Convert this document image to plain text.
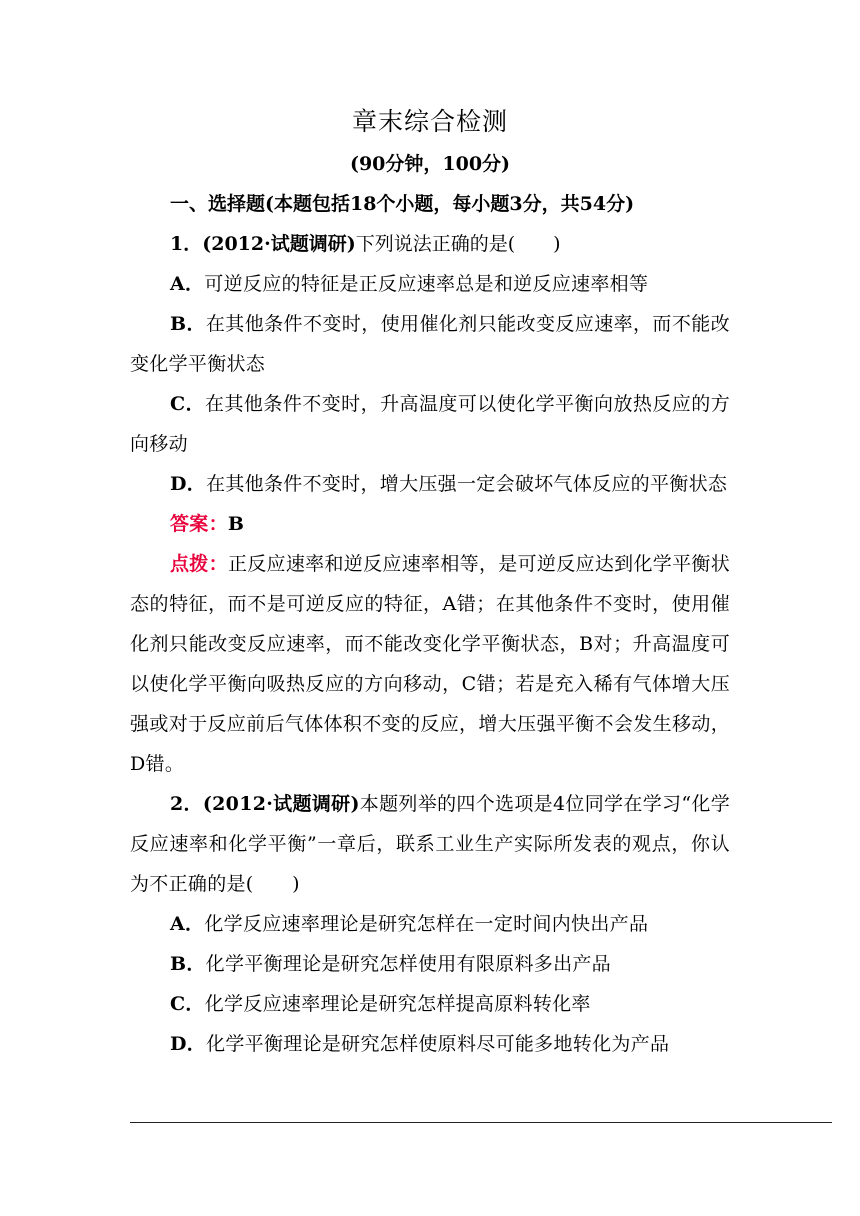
章末综合检测
(90分钟，100分)
一、选择题(本题包括18个小题，每小题3分，共54分)
1．(2012·试题调研)下列说法正确的是(　　)
A．可逆反应的特征是正反应速率总是和逆反应速率相等
B．在其他条件不变时，使用催化剂只能改变反应速率，而不能改变化学平衡状态
C．在其他条件不变时，升高温度可以使化学平衡向放热反应的方向移动
D．在其他条件不变时，增大压强一定会破坏气体反应的平衡状态
答案：B
点拨：正反应速率和逆反应速率相等，是可逆反应达到化学平衡状态的特征，而不是可逆反应的特征，A错；在其他条件不变时，使用催化剂只能改变反应速率，而不能改变化学平衡状态，B对；升高温度可以使化学平衡向吸热反应的方向移动，C错；若是充入稀有气体增大压强或对于反应前后气体体积不变的反应，增大压强平衡不会发生移动，D错。
2．(2012·试题调研)本题列举的四个选项是4位同学在学习“化学反应速率和化学平衡”一章后，联系工业生产实际所发表的观点，你认为不正确的是(　　)
A．化学反应速率理论是研究怎样在一定时间内快出产品
B．化学平衡理论是研究怎样使用有限原料多出产品
C．化学反应速率理论是研究怎样提高原料转化率
D．化学平衡理论是研究怎样使原料尽可能多地转化为产品
